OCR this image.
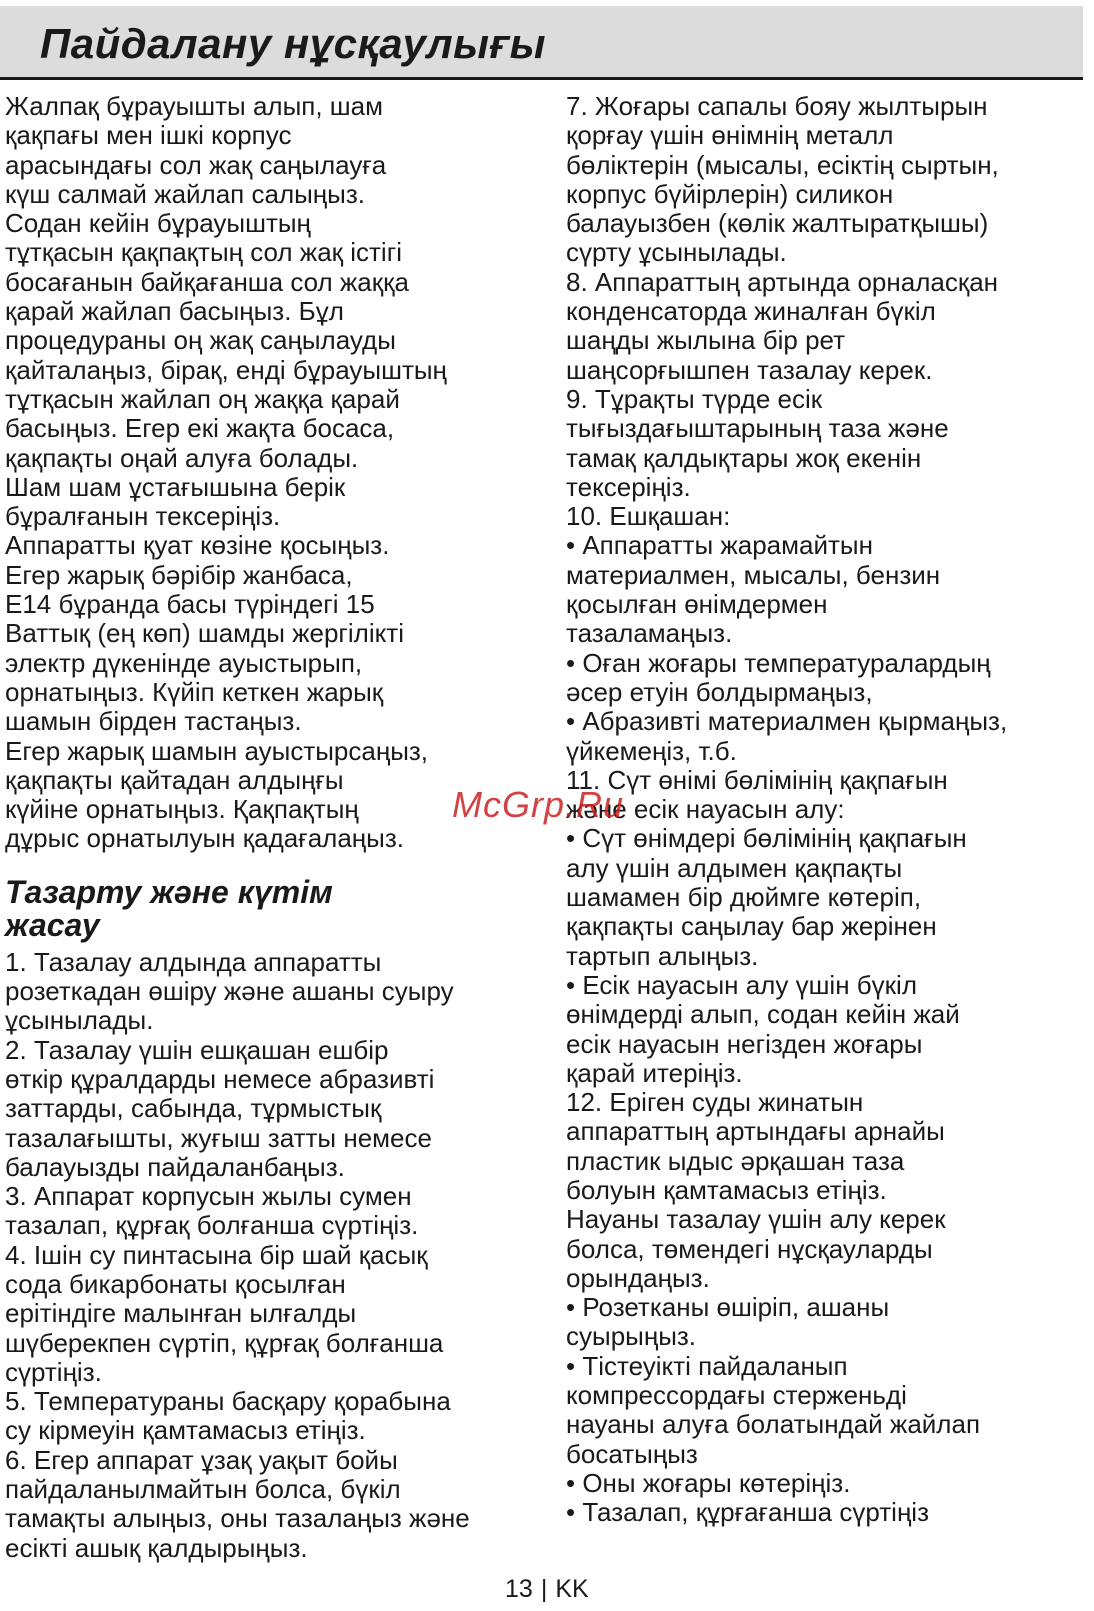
Пайдалану нұсқаулығы

Жалпақ бұрауышты алып, шам
қақпағы мен ішкі корпус
арасындағы сол жақ саңылауға
күш салмай жайлап салыңыз.
Содан кейін бұрауыштың
тұтқасын қақпақтың сол жақ істігі
босағанын байқағанша сол жаққа
қарай жайлап басыңыз. Бұл
процедураны оң жақ саңылауды
қайталаңыз, бірақ, енді бұрауыштың
тұтқасын жайлап оң жаққа қарай
басыңыз. Егер екі жақта босаса,
қақпақты оңай алуға болады.
Шам шам ұстағышына берік
бұралғанын тексеріңіз.
Аппаратты қуат көзіне қосыңыз.
Егер жарық бәрібір жанбаса,
Е14 бұранда басы түріндегі 15
Ваттық (ең көп) шамды жергілікті
электр дүкенінде ауыстырып,
орнатыңыз. Күйіп кеткен жарық
шамын бірден тастаңыз.
Егер жарық шамын ауыстырсаңыз,
қақпақты қайтадан алдыңғы
күйіне орнатыңыз. Қақпақтың
дұрыс орнатылуын қадағалаңыз.

Тазарту және күтім
жасау

1. Тазалау алдында аппаратты
розеткадан өшіру және ашаны суыру
ұсынылады.

2. Тазалау үшін ешқашан ешбір
өткір құралдарды немесе абразивті
заттарды, сабында, тұрмыстық
тазалағышты, жуғыш затты немесе
балауызды пайдаланбаңыз.

3. Аппарат корпусын жылы сумен
тазалап, құрғақ болғанша сүртіңіз.

4. Ішін су пинтасына бір шай қасық
сода бикарбонаты қосылған
ерітіндіге малынған ылғалды
шүберекпен сүртіп, құрғақ болғанша
сүртіңіз.

5. Температураны басқару қорабына
су кірмеуін қамтамасыз етіңіз.

6. Егер аппарат ұзақ уақыт бойы
пайдаланылмайтын болса, бүкіл
тамақты алыңыз, оны тазалаңыз және
есікті ашық қалдырыңыз.

7. Жоғары сапалы бояу жылтырын
қорғау үшін өнімнің металл
бөліктерін (мысалы, есіктің сыртын,
корпус бүйірлерін) силикон
балауызбен (көлік жалтыратқышы)
сүрту ұсынылады.

8. Аппараттың артында орналасқан
конденсаторда жиналған бүкіл
шаңды жылына бір рет
шаңсорғышпен тазалау керек.

9. Тұрақты түрде есік
тығыздағыштарының таза және
тамақ қалдықтары жоқ екенін
тексеріңіз.

10. Ешқашан:
• Аппаратты жарамайтын
материалмен, мысалы, бензин
қосылған өнімдермен
тазаламаңыз.
• Оған жоғары температуралардың
әсер етуін болдырмаңыз,
• Абразивті материалмен қырмаңыз,
үйкемеңіз, т.б.

11. Сүт өнімі бөлімінің қақпағын
және есік науасын алу:
• Сүт өнімдері бөлімінің қақпағын
алу үшін алдымен қақпақты
шамамен бір дюймге көтеріп,
қақпақты саңылау бар жерінен
тартып алыңыз.
• Есік науасын алу үшін бүкіл
өнімдерді алып, содан кейін жай
есік науасын негізден жоғары
қарай итеріңіз.

12. Еріген суды жинатын
аппараттың артындағы арнайы
пластик ыдыс әрқашан таза
болуын қамтамасыз етіңіз.
Науаны тазалау үшін алу керек
болса, төмендегі нұсқауларды
орындаңыз.
• Розетканы өшіріп, ашаны
суырыңыз.
• Тістеуікті пайдаланып
компрессордағы стерженьді
науаны алуға болатындай жайлап
босатыңыз
• Оны жоғары көтеріңіз.
• Тазалап, құрғағанша сүртіңіз

McGrp.Ru
13 | KK
